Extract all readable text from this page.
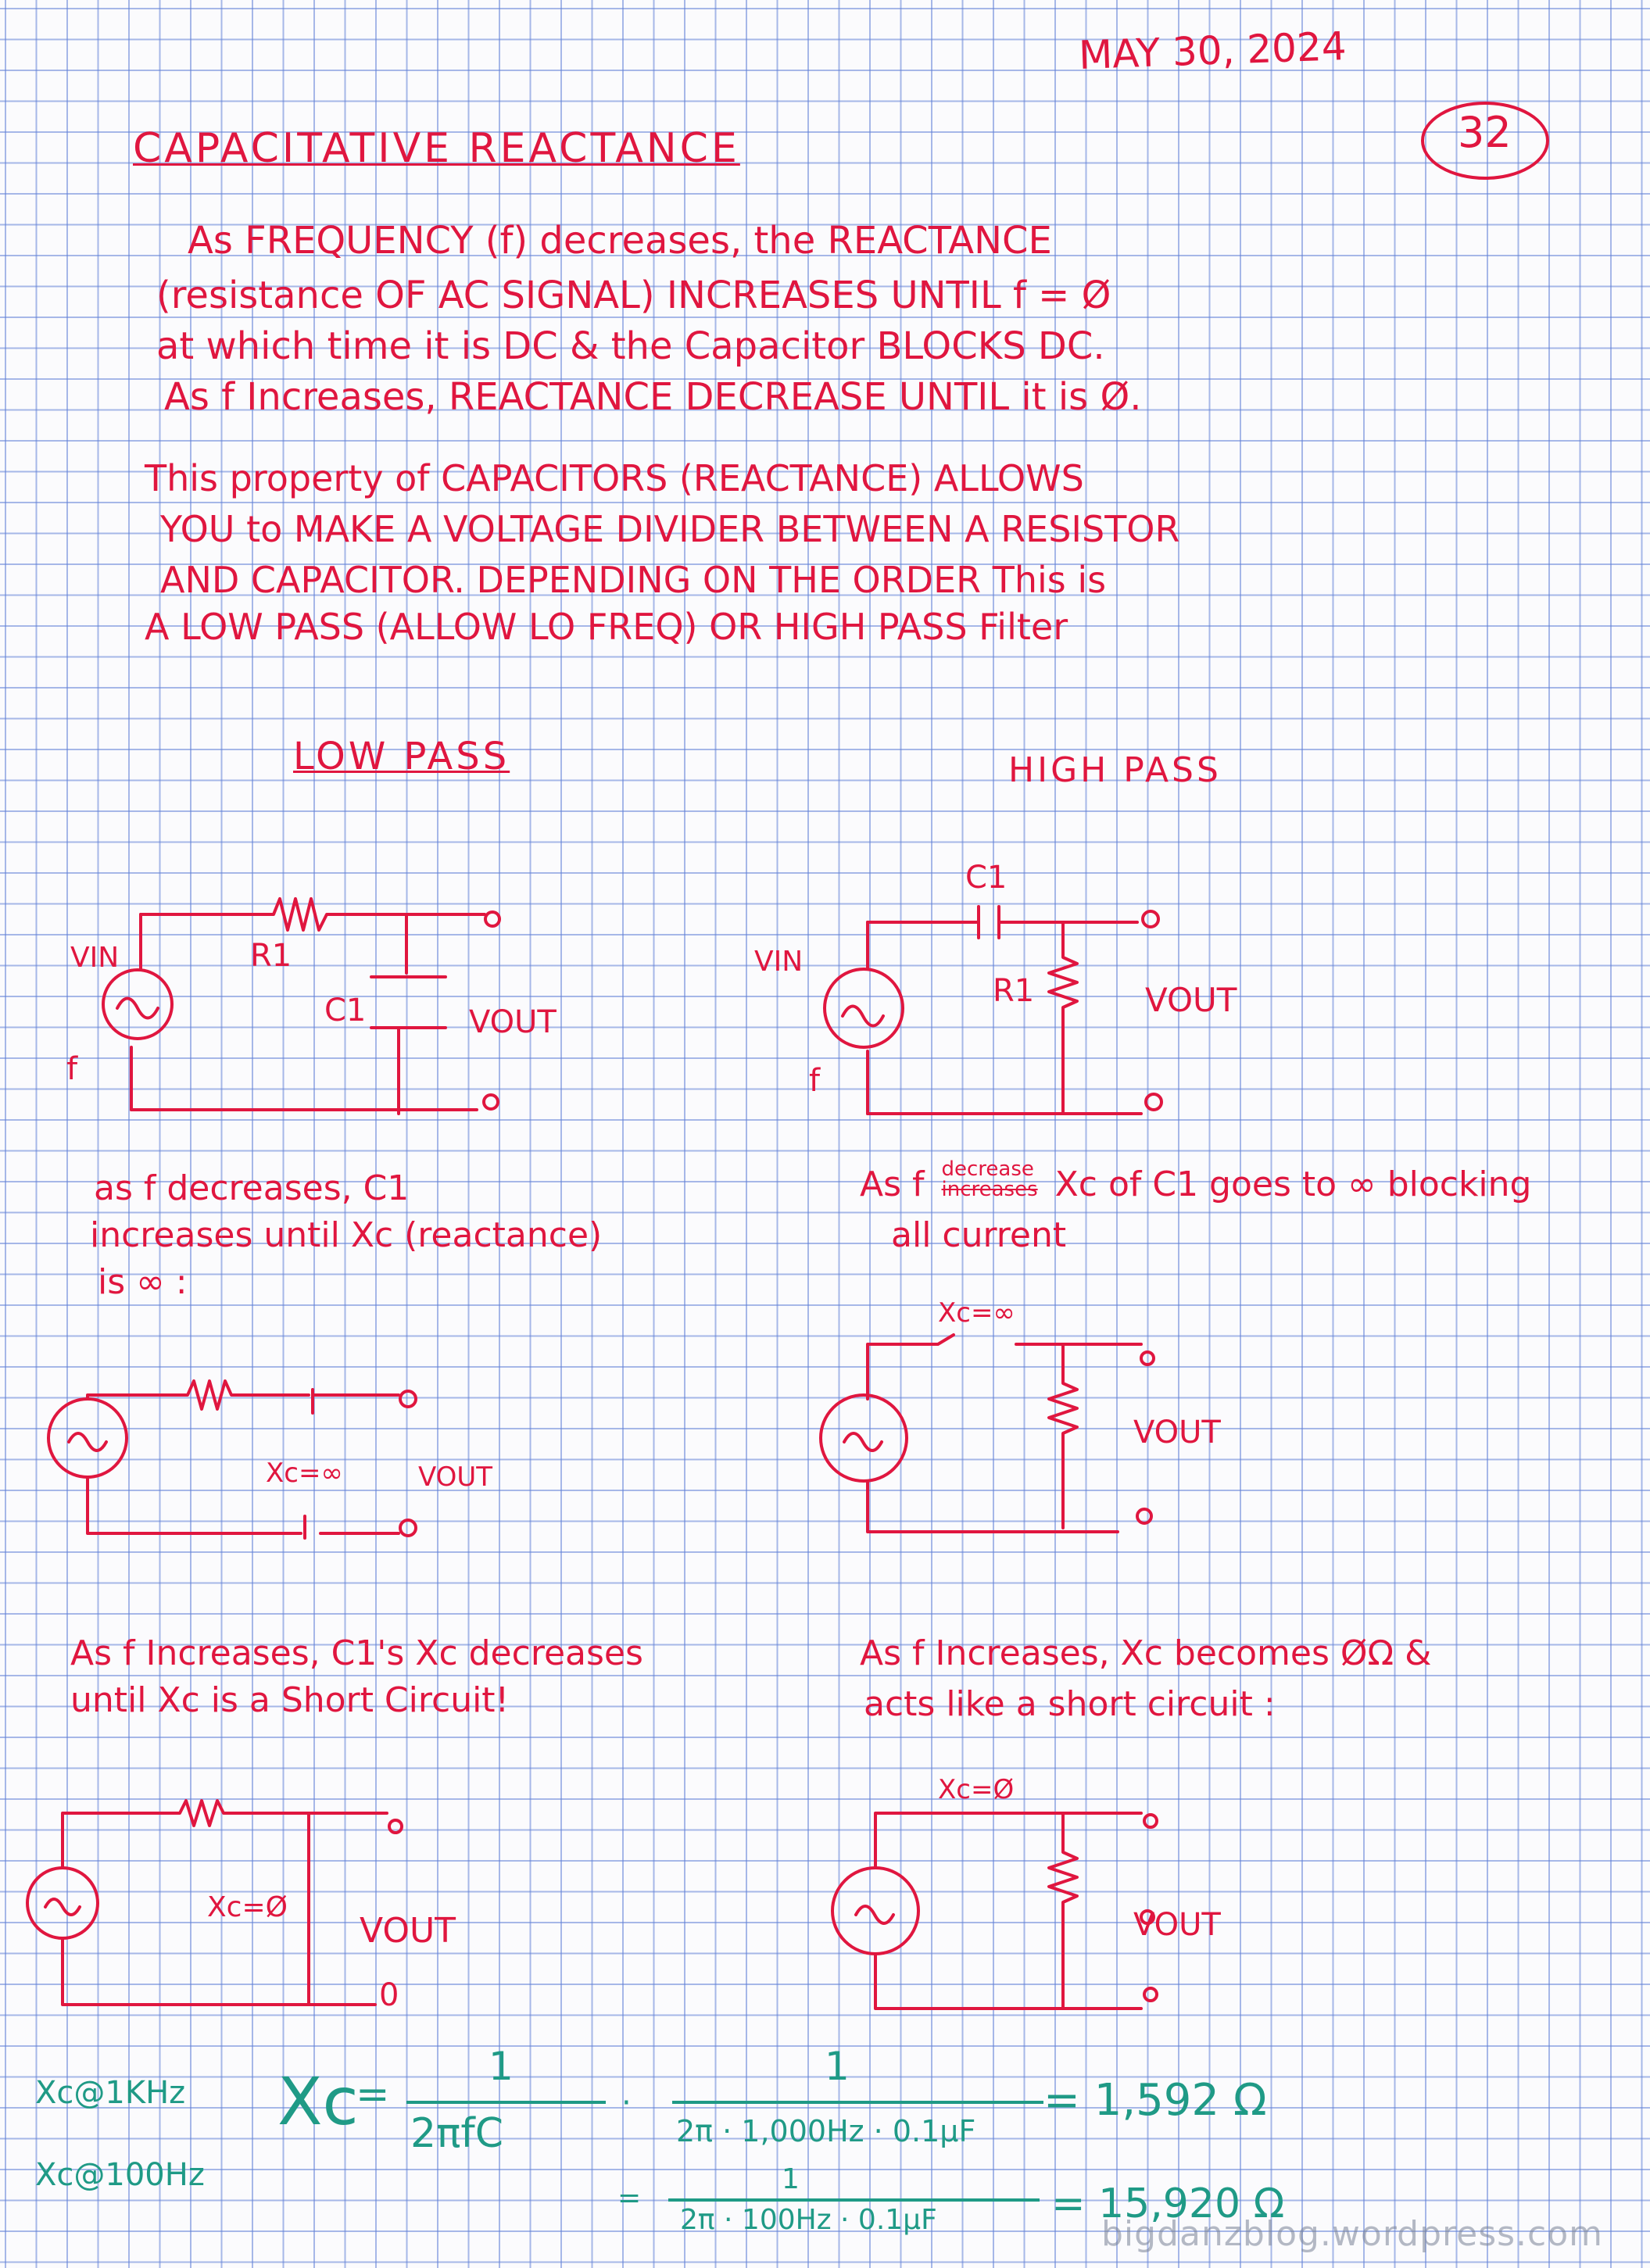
MAY 30, 2024
32
CAPACITATIVE REACTANCE
As FREQUENCY (f) decreases, the REACTANCE
(resistance OF AC SIGNAL) INCREASES UNTIL f = Ø
at which time it is DC & the Capacitor BLOCKS DC.
As f Increases, REACTANCE DECREASE UNTIL it is Ø.
This property of CAPACITORS (REACTANCE) ALLOWS
YOU to MAKE A VOLTAGE DIVIDER BETWEEN A RESISTOR
AND CAPACITOR. DEPENDING ON THE ORDER This is
A LOW PASS (ALLOW LO FREQ) OR HIGH PASS Filter
LOW PASS	HIGH PASS
VIN
f
R1
C1	VOUT
VIN
f
C1
R1	VOUT
as f decreases, C1
increases until Xc (reactance)
is ∞ :
As f decrease
increases Xc of C1 goes to ∞ blocking
all current
Xc=∞	VOUT
Xc=∞
VOUT
As f Increases, C1's Xc decreases
until Xc is a Short Circuit!
As f Increases, Xc becomes ØΩ &
acts like a short circuit :
Xc=Ø
VOUT
0
Xc=Ø
VOUT
Xc@1KHz
Xc@100Hz
Xc
=
1
2πfC
·
1
2π · 1,000Hz · 0.1μF
= 1,592 Ω
=
1
2π · 100Hz · 0.1μF	= 15,920 Ω
bigdanzblog.wordpress.com
